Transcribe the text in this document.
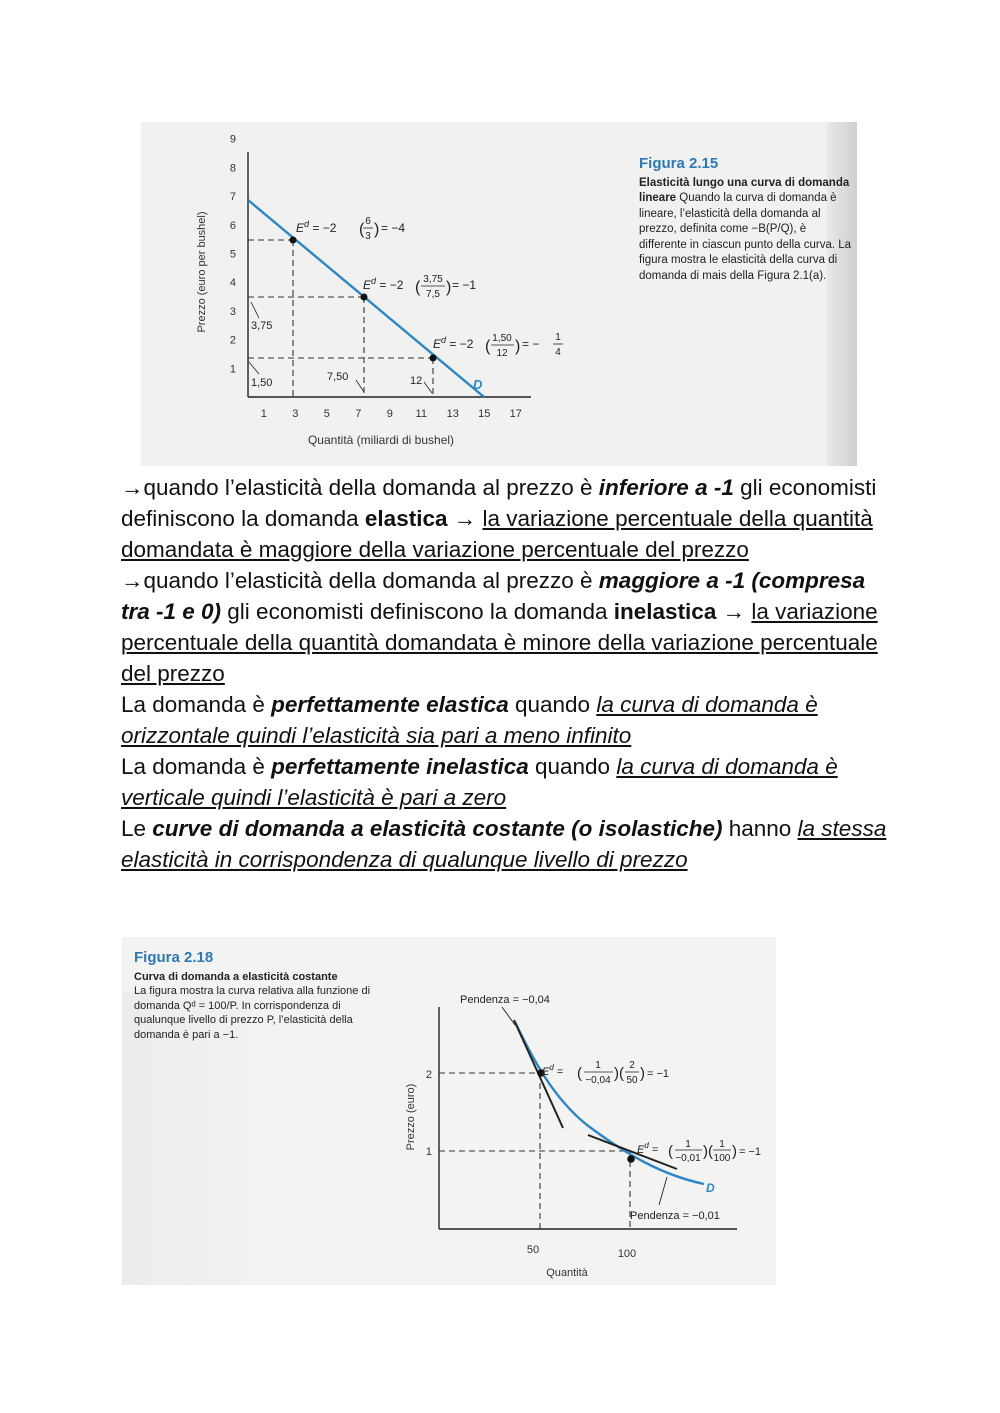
1
2
3
4
5
6
7
8
9
1 3 5 7 9 11 13 15 17
Prezzo (euro per bushel)
Quantità (miliardi di bushel)
D
$E^d = -2$ ( 6
3 ) = −4
$E^d = -2$ ( 3,75
7,5 ) = −1
$E^d = -2$ ( 1,50
12 ) = − 1
4
3,75
1,50	7,50	12
Figura 2.15
Elasticità lungo una curva di domanda lineare Quando la curva di domanda è lineare, l’elasticità della domanda al prezzo, definita come −B(P/Q), è differente in ciascun punto della curva. La figura mostra le elasticità della curva di domanda di mais della Figura 2.1(a).

→quando l’elasticità della domanda al prezzo è inferiore a -1 gli economisti definiscono la domanda elastica → la variazione percentuale della quantità domandata è maggiore della variazione percentuale del prezzo

→quando l’elasticità della domanda al prezzo è maggiore a -1 (compresa tra -1 e 0) gli economisti definiscono la domanda inelastica → la variazione percentuale della quantità domandata è minore della variazione percentuale del prezzo

La domanda è perfettamente elastica quando la curva di domanda è orizzontale quindi l’elasticità sia pari a meno infinito

La domanda è perfettamente inelastica quando la curva di domanda è verticale quindi l’elasticità è pari a zero

Le curve di domanda a elasticità costante (o isolastiche) hanno la stessa elasticità in corrispondenza di qualunque livello di prezzo

Figura 2.18
Curva di domanda a elasticità costante
La figura mostra la curva relativa alla funzione di domanda Qᵈ = 100/P. In corrispondenza di qualunque livello di prezzo P, l’elasticità della domanda è pari a −1.
Prezzo (euro)
Quantità
2
1
50	100
D
Pendenza = −0,04
Pendenza = −0,01
$E^d$ = ( 1
−0,04 )( 2
50 ) = −1
$E^d$ = ( 1
−0,01 )( 1
100 ) = −1
